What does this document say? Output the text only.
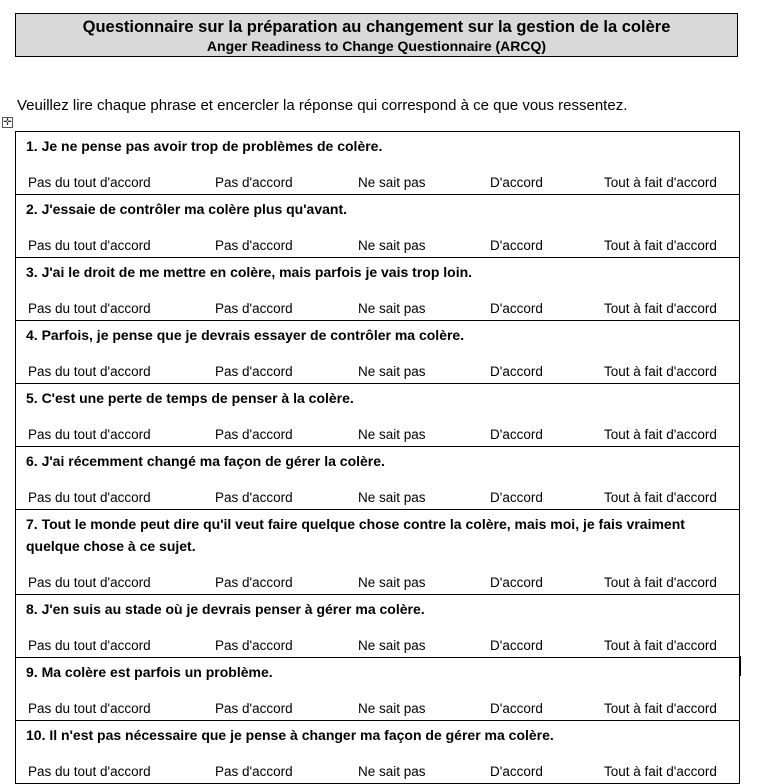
Questionnaire sur la préparation au changement sur la gestion de la colère
Anger Readiness to Change Questionnaire (ARCQ)
Veuillez lire chaque phrase et encercler la réponse qui correspond à ce que vous ressentez.
✛
1. Je ne pense pas avoir trop de problèmes de colère.
Pas du tout d'accord	Pas d'accord	Ne sait pas	D'accord	Tout à fait d'accord
2. J'essaie de contrôler ma colère plus qu'avant.
Pas du tout d'accord	Pas d'accord	Ne sait pas	D'accord	Tout à fait d'accord
3. J'ai le droit de me mettre en colère, mais parfois je vais trop loin.
Pas du tout d'accord	Pas d'accord	Ne sait pas	D'accord	Tout à fait d'accord
4. Parfois, je pense que je devrais essayer de contrôler ma colère.
Pas du tout d'accord	Pas d'accord	Ne sait pas	D'accord	Tout à fait d'accord
5. C'est une perte de temps de penser à la colère.
Pas du tout d'accord	Pas d'accord	Ne sait pas	D'accord	Tout à fait d'accord
6. J'ai récemment changé ma façon de gérer la colère.
Pas du tout d'accord	Pas d'accord	Ne sait pas	D'accord	Tout à fait d'accord
7. Tout le monde peut dire qu'il veut faire quelque chose contre la colère, mais moi, je fais vraiment quelque chose à ce sujet.
Pas du tout d'accord	Pas d'accord	Ne sait pas	D'accord	Tout à fait d'accord
8. J'en suis au stade où je devrais penser à gérer ma colère.
Pas du tout d'accord	Pas d'accord	Ne sait pas	D'accord	Tout à fait d'accord
9. Ma colère est parfois un problème.
Pas du tout d'accord	Pas d'accord	Ne sait pas	D'accord	Tout à fait d'accord
10. Il n'est pas nécessaire que je pense à changer ma façon de gérer ma colère.
Pas du tout d'accord	Pas d'accord	Ne sait pas	D'accord	Tout à fait d'accord
